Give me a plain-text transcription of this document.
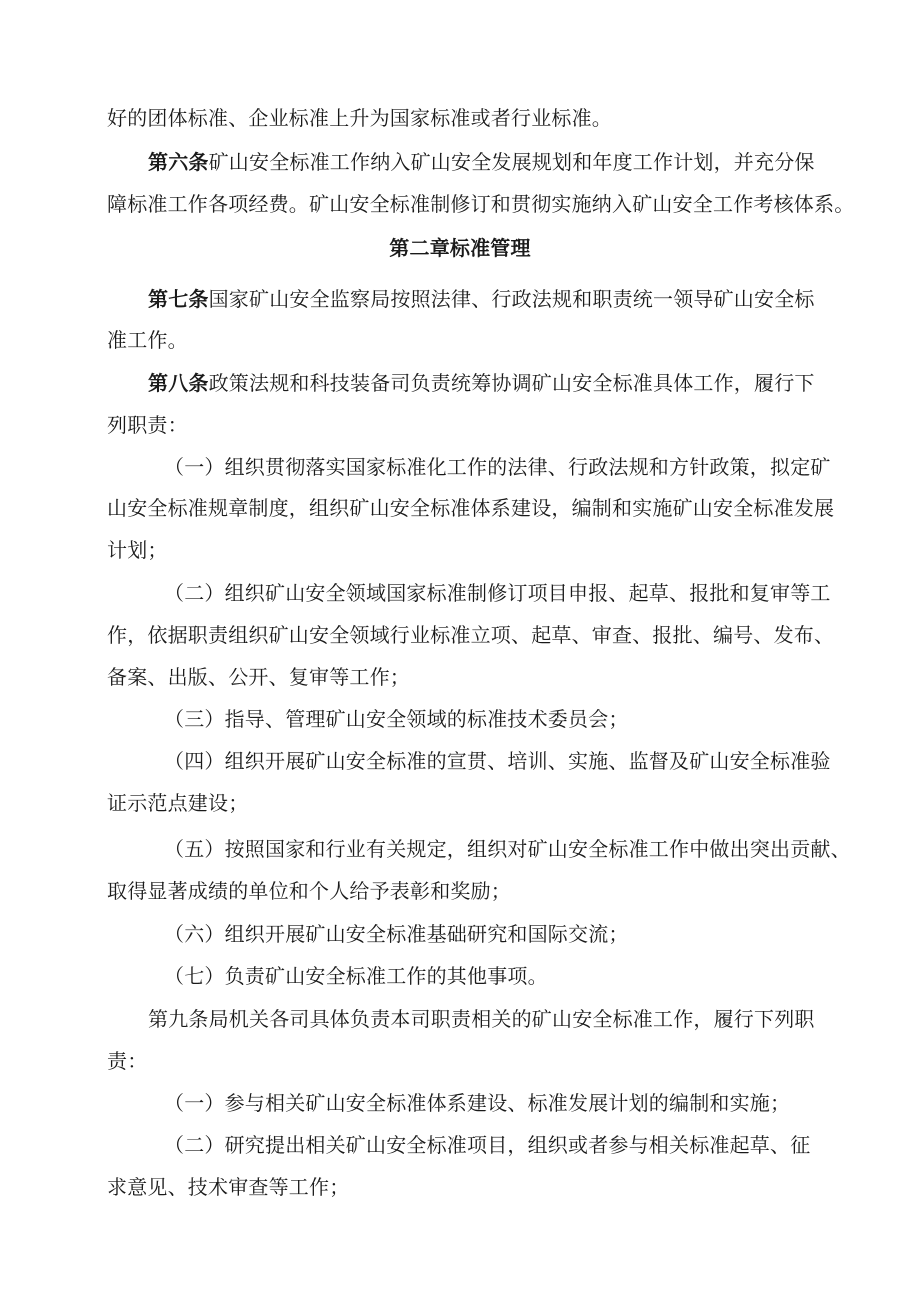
好的团体标准、企业标准上升为国家标准或者行业标准。
第六条矿山安全标准工作纳入矿山安全发展规划和年度工作计划，并充分保
障标准工作各项经费。矿山安全标准制修订和贯彻实施纳入矿山安全工作考核体系。
第二章标准管理
第七条国家矿山安全监察局按照法律、行政法规和职责统一领导矿山安全标
准工作。
第八条政策法规和科技装备司负责统筹协调矿山安全标准具体工作，履行下
列职责：
（一）组织贯彻落实国家标准化工作的法律、行政法规和方针政策，拟定矿
山安全标准规章制度，组织矿山安全标准体系建设，编制和实施矿山安全标准发展
计划；
（二）组织矿山安全领域国家标准制修订项目申报、起草、报批和复审等工
作，依据职责组织矿山安全领域行业标准立项、起草、审查、报批、编号、发布、
备案、出版、公开、复审等工作；
（三）指导、管理矿山安全领域的标准技术委员会；
（四）组织开展矿山安全标准的宣贯、培训、实施、监督及矿山安全标准验
证示范点建设；
（五）按照国家和行业有关规定，组织对矿山安全标准工作中做出突出贡献、
取得显著成绩的单位和个人给予表彰和奖励；
（六）组织开展矿山安全标准基础研究和国际交流；
（七）负责矿山安全标准工作的其他事项。
第九条局机关各司具体负责本司职责相关的矿山安全标准工作，履行下列职
责：
（一）参与相关矿山安全标准体系建设、标准发展计划的编制和实施；
（二）研究提出相关矿山安全标准项目，组织或者参与相关标准起草、征
求意见、技术审查等工作；
